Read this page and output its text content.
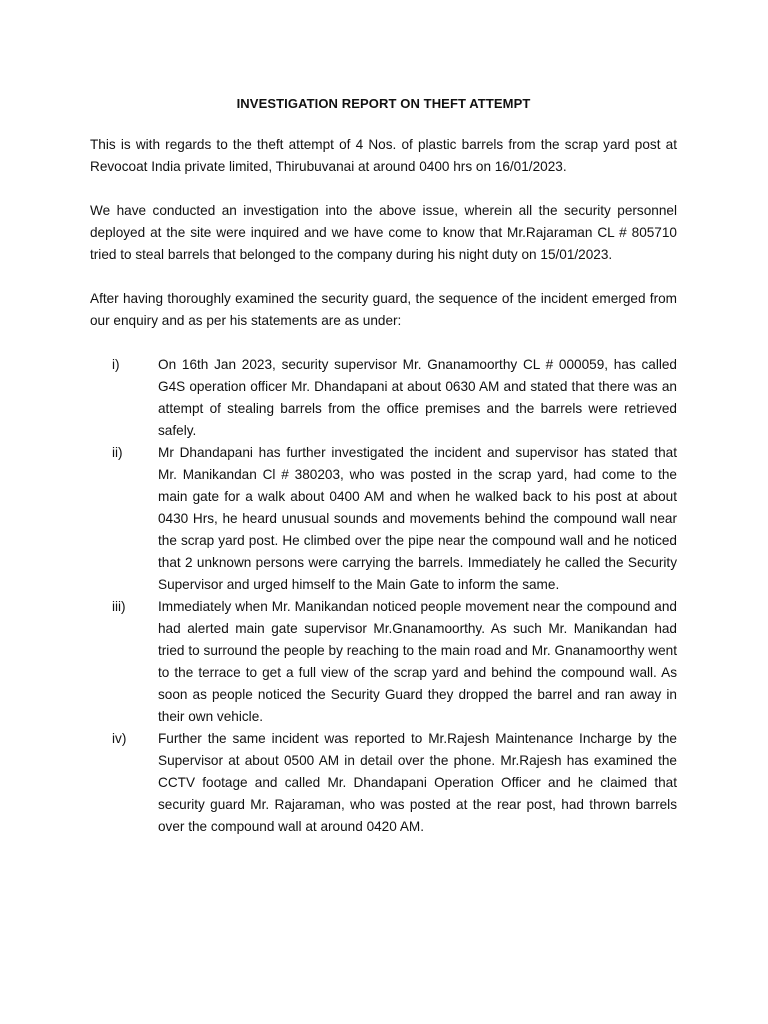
INVESTIGATION REPORT ON THEFT ATTEMPT

This is with regards to the theft attempt of 4 Nos. of plastic barrels from the scrap yard post at Revocoat India private limited, Thirubuvanai at around 0400 hrs on 16/01/2023.

We have conducted an investigation into the above issue, wherein all the security personnel deployed at the site were inquired and we have come to know that Mr.Rajaraman CL # 805710 tried to steal barrels that belonged to the company during his night duty on 15/01/2023.

After having thoroughly examined the security guard, the sequence of the incident emerged from our enquiry and as per his statements are as under:

i)	On 16th Jan 2023, security supervisor Mr. Gnanamoorthy CL # 000059, has called G4S operation officer Mr. Dhandapani at about 0630 AM and stated that there was an attempt of stealing barrels from the office premises and the barrels were retrieved safely.
ii)	Mr Dhandapani has further investigated the incident and supervisor has stated that Mr. Manikandan Cl # 380203, who was posted in the scrap yard, had come to the main gate for a walk about 0400 AM and when he walked back to his post at about 0430 Hrs, he heard unusual sounds and movements behind the compound wall near the scrap yard post. He climbed over the pipe near the compound wall and he noticed that 2 unknown persons were carrying the barrels. Immediately he called the Security Supervisor and urged himself to the Main Gate to inform the same.
iii)	Immediately when Mr. Manikandan noticed people movement near the compound and had alerted main gate supervisor Mr.Gnanamoorthy. As such Mr. Manikandan had tried to surround the people by reaching to the main road and Mr. Gnanamoorthy went to the terrace to get a full view of the scrap yard and behind the compound wall. As soon as people noticed the Security Guard they dropped the barrel and ran away in their own vehicle.
iv)	Further the same incident was reported to Mr.Rajesh Maintenance Incharge by the Supervisor at about 0500 AM in detail over the phone. Mr.Rajesh has examined the CCTV footage and called Mr. Dhandapani Operation Officer and he claimed that security guard Mr. Rajaraman, who was posted at the rear post, had thrown barrels over the compound wall at around 0420 AM.
